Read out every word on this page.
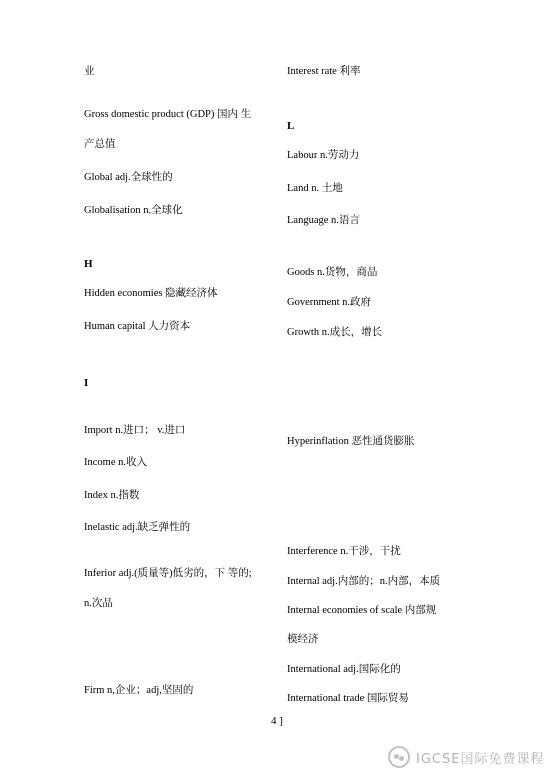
业
Gross domestic product (GDP) 国内 生
产总值
Global adj.全球性的
Globalisation n.全球化
H
Hidden economies 隐藏经济体
Human capital 人力资本
I
Import n.进口； v.进口
Income n.收入
Index n.指数
Inelastic adj.缺乏弹性的
Inferior adj.(质量等)低劣的，下 等的;
n.次品
Firm n,企业；adj,坚固的
Interest rate 利率
L
Labour n.劳动力
Land n. 土地
Language n.语言
Goods n.货物，商品
Government n.政府
Growth n.成长，增长
Hyperinflation 恶性通货膨胀
Interference n.干涉，干扰
Internal adj.内部的；n.内部，本质
Internal economies of scale 内部规
模经济
International adj.国际化的
International trade 国际贸易
4 ]
IGCSE国际免费课程
